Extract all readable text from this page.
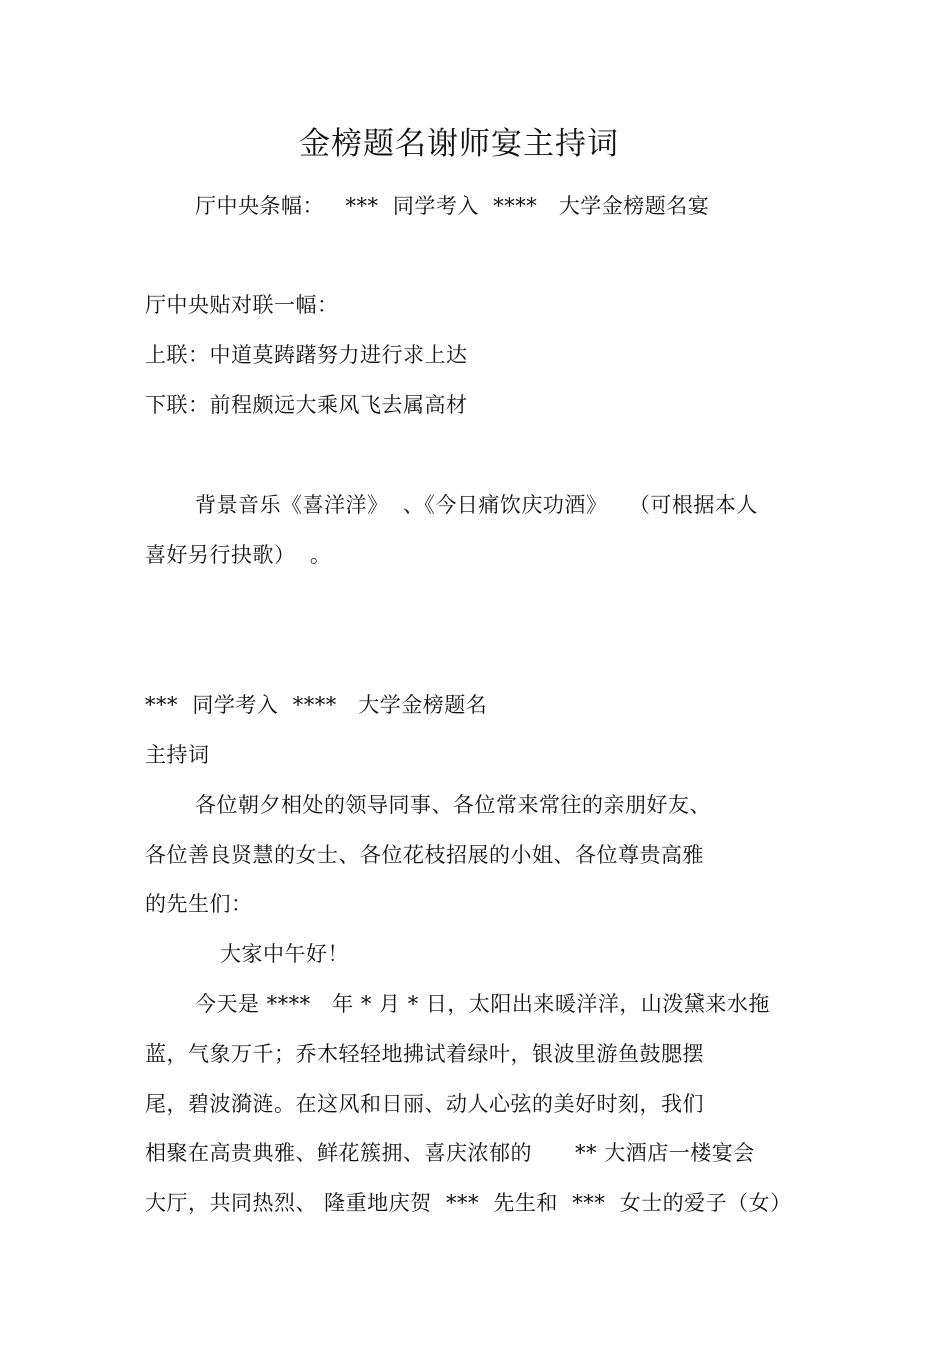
金榜题名谢师宴主持词
厅中央条幅：   ***  同学考入  ****   大学金榜题名宴
厅中央贴对联一幅：
上联：中道莫踌躇努力进行求上达
下联：前程颇远大乘风飞去属高材
背景音乐《喜洋洋》  、《今日痛饮庆功酒》   （可根据本人
喜好另行抉歌）  。
***  同学考入  ****   大学金榜题名
主持词
各位朝夕相处的领导同事、各位常来常往的亲朋好友、
各位善良贤慧的女士、各位花枝招展的小姐、各位尊贵高雅
的先生们：
大家中午好！
今天是 ****   年 * 月 * 日，太阳出来暖洋洋，山泼黛来水拖
蓝，气象万千；乔木轻轻地拂试着绿叶，银波里游鱼鼓腮摆
尾，碧波漪涟。在这风和日丽、动人心弦的美好时刻，我们
相聚在高贵典雅、鲜花簇拥、喜庆浓郁的      ** 大酒店一楼宴会
大厅，共同热烈、 隆重地庆贺  ***  先生和  ***  女士的爱子（女）
